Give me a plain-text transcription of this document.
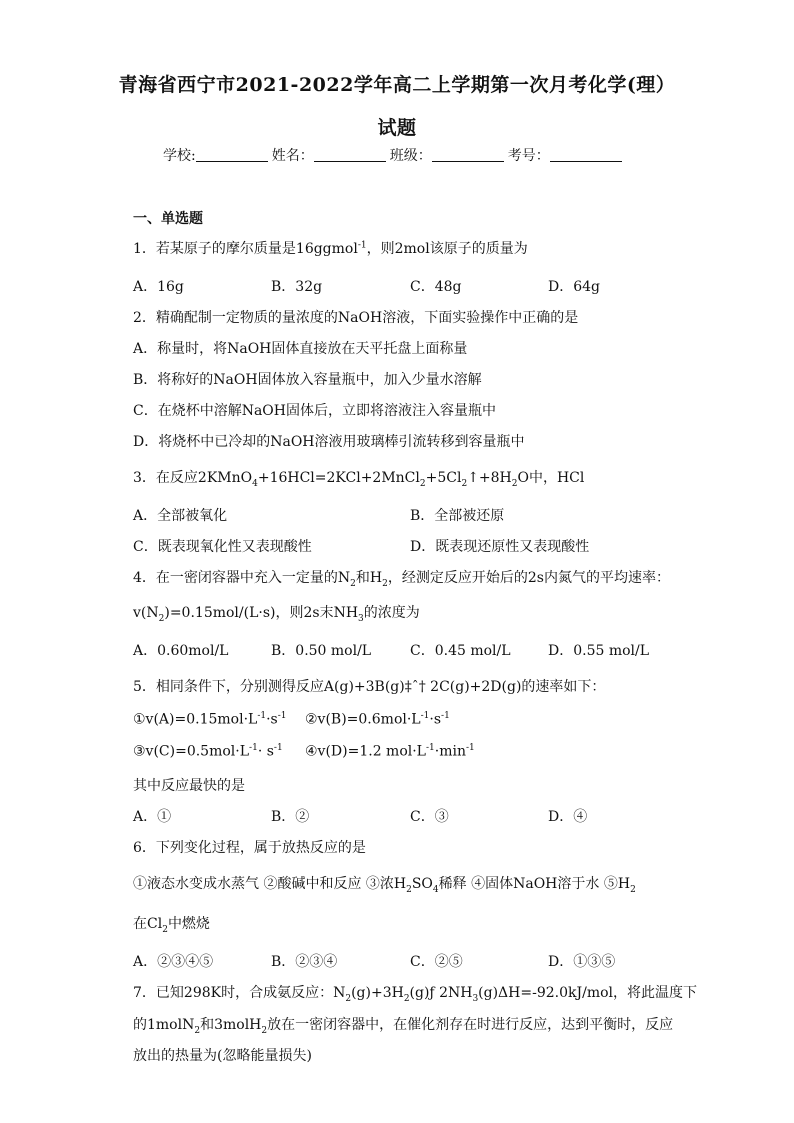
青海省西宁市2021-2022学年高二上学期第一次月考化学(理）
试题
学校:	姓名：	班级：	考号：
一、单选题
1．若某原子的摩尔质量是16ggmol$^{-1}$，则2mol该原子的质量为
A．16g	B．32g	C．48g	D．64g
2．精确配制一定物质的量浓度的NaOH溶液，下面实验操作中正确的是
A．称量时，将NaOH固体直接放在天平托盘上面称量
B．将称好的NaOH固体放入容量瓶中，加入少量水溶解
C．在烧杯中溶解NaOH固体后，立即将溶液注入容量瓶中
D．将烧杯中已冷却的NaOH溶液用玻璃棒引流转移到容量瓶中
3．在反应$2KMnO_4+16HCl=2KCl+2MnCl_2+5Cl_2↑+8H_2O$中，HCl
A．全部被氧化	B．全部被还原
C．既表现氧化性又表现酸性	D．既表现还原性又表现酸性
4．在一密闭容器中充入一定量的$N_2$和$H_2$，经测定反应开始后的2s内氮气的平均速率：
$v(N_2)=0.15mol/(L\cdot s)$，则2s末$NH_3$的浓度为
A．0.60mol/L	B．0.50 mol/L	C．0.45 mol/L	D．0.55 mol/L
5．相同条件下，分别测得反应A(g)+3B(g)‡ˆ† 2C(g)+2D(g)的速率如下：
$①v(A)=0.15mol\cdot L^{-1}\cdot s^{-1}$ $②v(B)=0.6mol\cdot L^{-1}\cdot s^{-1}$
$③v(C)=0.5mol\cdot L^{-1}\cdot s^{-1}$ ④v(D)=1.2 $mol\cdot L^{-1}\cdot\min^{-1}$
其中反应最快的是
A．①	B．②	C．③	D．④
6．下列变化过程，属于放热反应的是
①液态水变成水蒸气 ②酸碱中和反应 ③浓$H_2SO_4$稀释 ④固体NaOH溶于水 $⑤H_2$
在$Cl_2$中燃烧
A．②③④⑤	B．②③④	C．②⑤	D．①③⑤
7．已知298K时，合成氨反应：$N_2(g)+3H_2(g)ƒ$ $2NH_3(g)\Delta H=-92.0kJ$/mol，将此温度下
的1molN$_2$和3molH$_2$放在一密闭容器中，在催化剂存在时进行反应，达到平衡时，反应
放出的热量为(忽略能量损失)
